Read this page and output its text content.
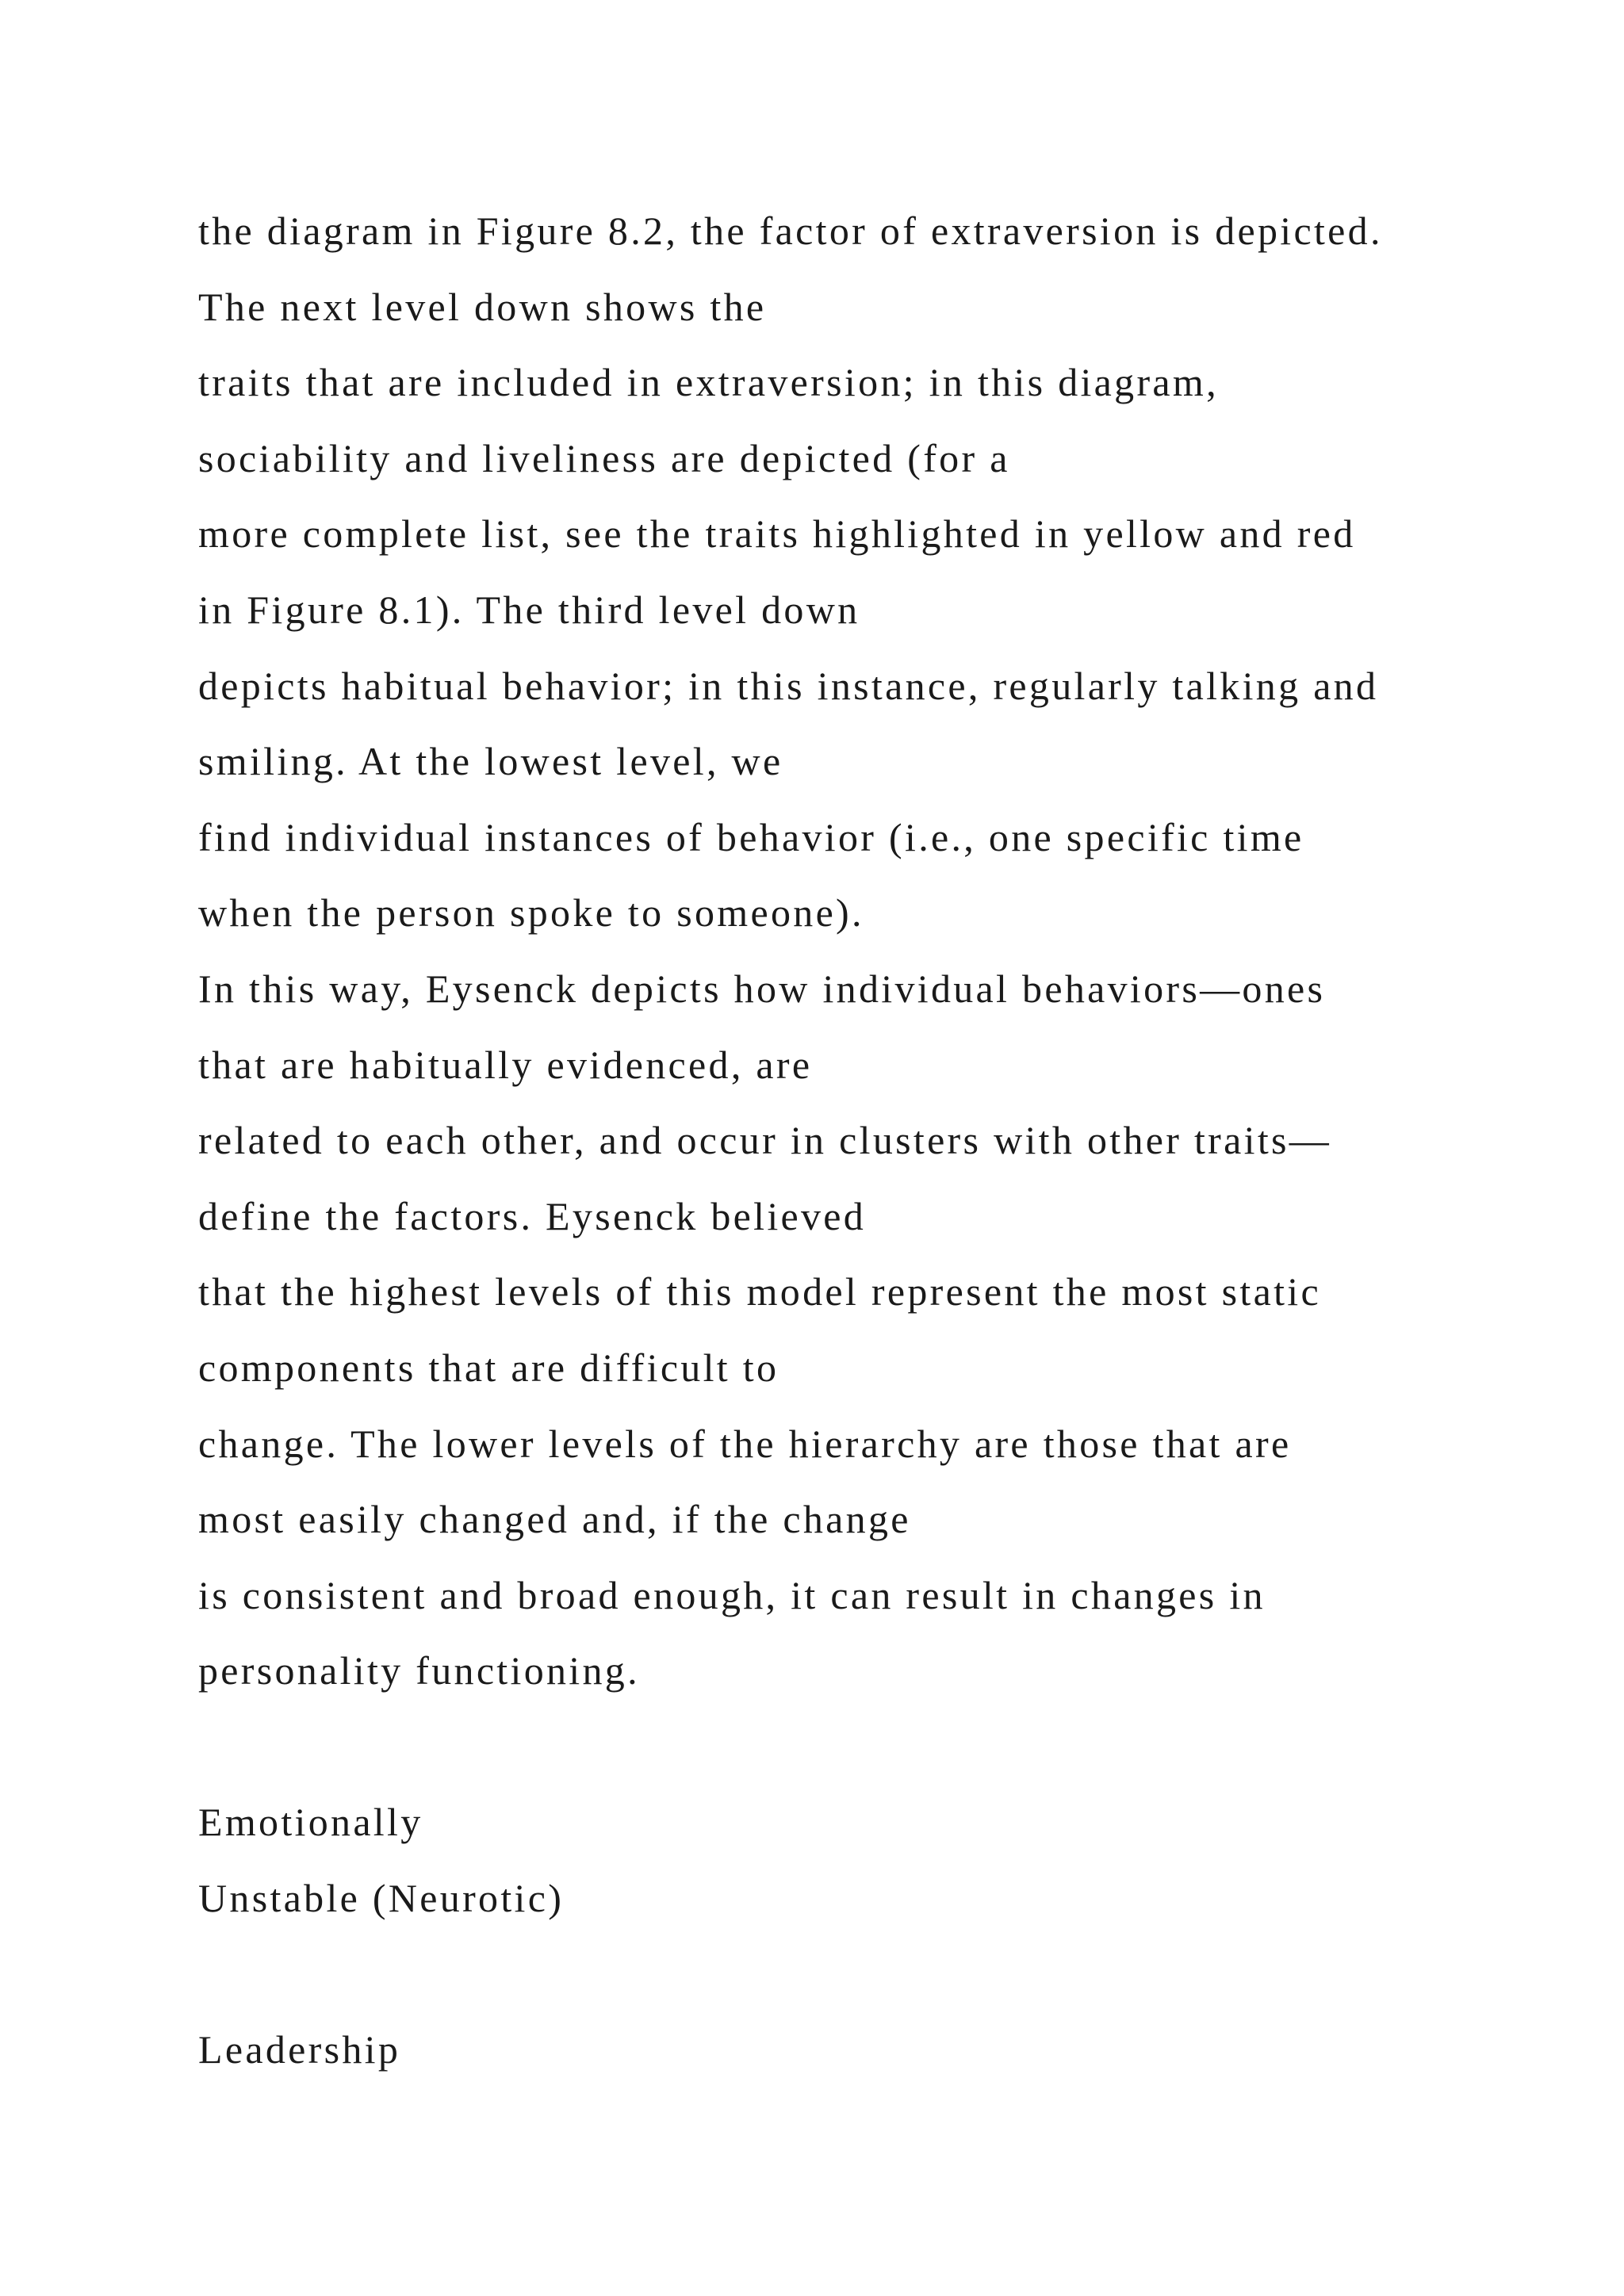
the diagram in Figure 8.2, the factor of extraversion is depicted.
The next level down shows the
traits that are included in extraversion; in this diagram,
sociability and liveliness are depicted (for a
more complete list, see the traits highlighted in yellow and red
in Figure 8.1). The third level down
depicts habitual behavior; in this instance, regularly talking and
smiling. At the lowest level, we
find individual instances of behavior (i.e., one specific time
when the person spoke to someone).
In this way, Eysenck depicts how individual behaviors—ones
that are habitually evidenced, are
related to each other, and occur in clusters with other traits—
define the factors. Eysenck believed
that the highest levels of this model represent the most static
components that are difficult to
change. The lower levels of the hierarchy are those that are
most easily changed and, if the change
is consistent and broad enough, it can result in changes in
personality functioning.
Emotionally
Unstable (Neurotic)
Leadership
